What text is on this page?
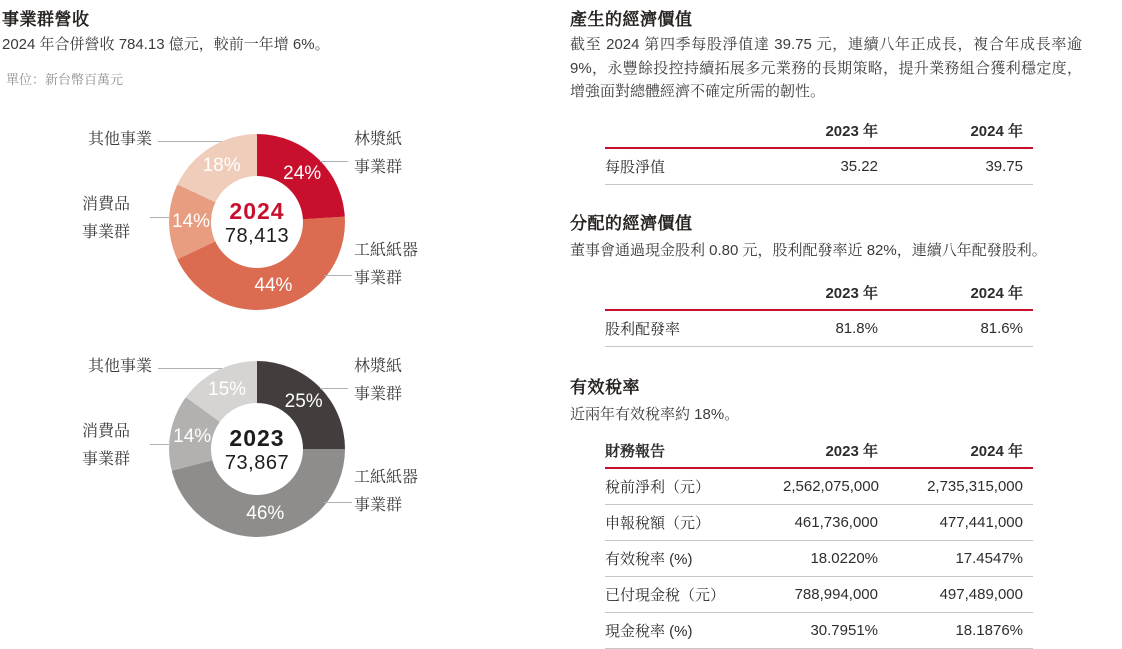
事業群營收
2024 年合併營收 784.13 億元，較前一年增 6%。
單位：新台幣百萬元
2024
78,413
24%
44%
14%
18%
其他事業	林漿紙
事業群
消費品
事業群
工紙紙器
事業群
2023
73,867
25%
46%
14%
15%
其他事業	林漿紙
事業群
消費品
事業群
工紙紙器
事業群
產生的經濟價值
截至 2024 第四季每股淨值達 39.75 元，連續八年正成長，複合年成長率逾 9%，永豐餘投控持續拓展多元業務的長期策略，提升業務組合獲利穩定度，增強面對總體經濟不確定所需的韌性。
	2023 年	2024 年
每股淨值	35.22	39.75
分配的經濟價值
董事會通過現金股利 0.80 元，股利配發率近 82%，連續八年配發股利。
	2023 年	2024 年
股利配發率	81.8%	81.6%
有效稅率
近兩年有效稅率約 18%。
財務報告	2023 年	2024 年
稅前淨利（元）	2,562,075,000	2,735,315,000
申報稅額（元）	461,736,000	477,441,000
有效稅率 (%)	18.0220%	17.4547%
已付現金稅（元）	788,994,000	497,489,000
現金稅率 (%)	30.7951%	18.1876%
